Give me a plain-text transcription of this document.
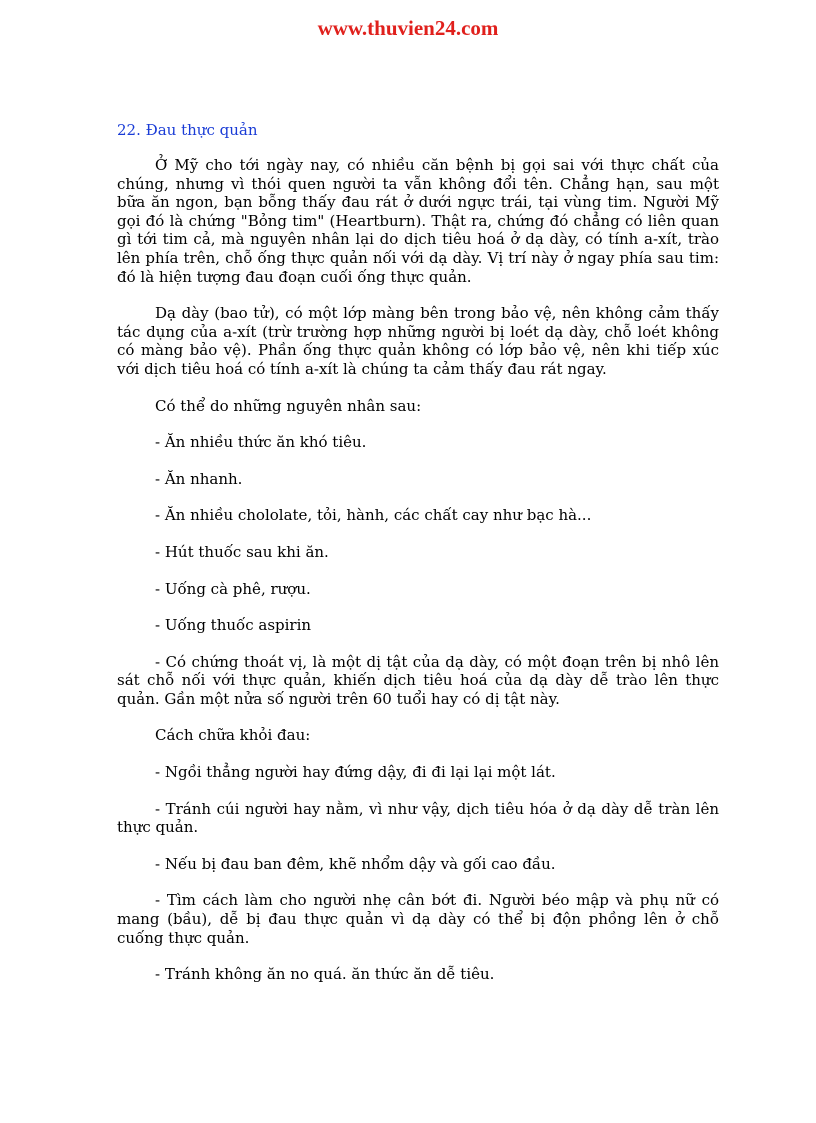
www.thuvien24.com
22. Đau thực quản

Ở Mỹ cho tới ngày nay, có nhiều căn bệnh bị gọi sai với thực chất của chúng, nhưng vì thói quen người ta vẫn không đổi tên. Chẳng hạn, sau một bữa ăn ngon, bạn bỗng thấy đau rát ở dưới ngực trái, tại vùng tim. Người Mỹ gọi đó là chứng "Bỏng tim" (Heartburn). Thật ra, chứng đó chẳng có liên quan gì tới tim cả, mà nguyên nhân lại do dịch tiêu hoá ở dạ dày, có tính a-xít, trào lên phía trên, chỗ ống thực quản nối với dạ dày. Vị trí này ở ngay phía sau tim: đó là hiện tượng đau đoạn cuối ống thực quản.

Dạ dày (bao tử), có một lớp màng bên trong bảo vệ, nên không cảm thấy tác dụng của a-xít (trừ trường hợp những người bị loét dạ dày, chỗ loét không có màng bảo vệ). Phần ống thực quản không có lớp bảo vệ, nên khi tiếp xúc với dịch tiêu hoá có tính a-xít là chúng ta cảm thấy đau rát ngay.

Có thể do những nguyên nhân sau:

- Ăn nhiều thức ăn khó tiêu.

- Ăn nhanh.

- Ăn nhiều chololate, tỏi, hành, các chất cay như bạc hà...

- Hút thuốc sau khi ăn.

- Uống cà phê, rượu.

- Uống thuốc aspirin

- Có chứng thoát vị, là một dị tật của dạ dày, có một đoạn trên bị nhô lên sát chỗ nối với thực quản, khiến dịch tiêu hoá của dạ dày dễ trào lên thực quản. Gần một nửa số người trên 60 tuổi hay có dị tật này.

Cách chữa khỏi đau:

- Ngồi thẳng người hay đứng dậy, đi đi lại lại một lát.

- Tránh cúi người hay nằm, vì như vậy, dịch tiêu hóa ở dạ dày dễ tràn lên thực quản.

- Nếu bị đau ban đêm, khẽ nhổm dậy và gối cao đầu.

- Tìm cách làm cho người nhẹ cân bớt đi. Người béo mập và phụ nữ có mang (bầu), dễ bị đau thực quản vì dạ dày có thể bị độn phồng lên ở chỗ cuống thực quản.

- Tránh không ăn no quá. ăn thức ăn dễ tiêu.
